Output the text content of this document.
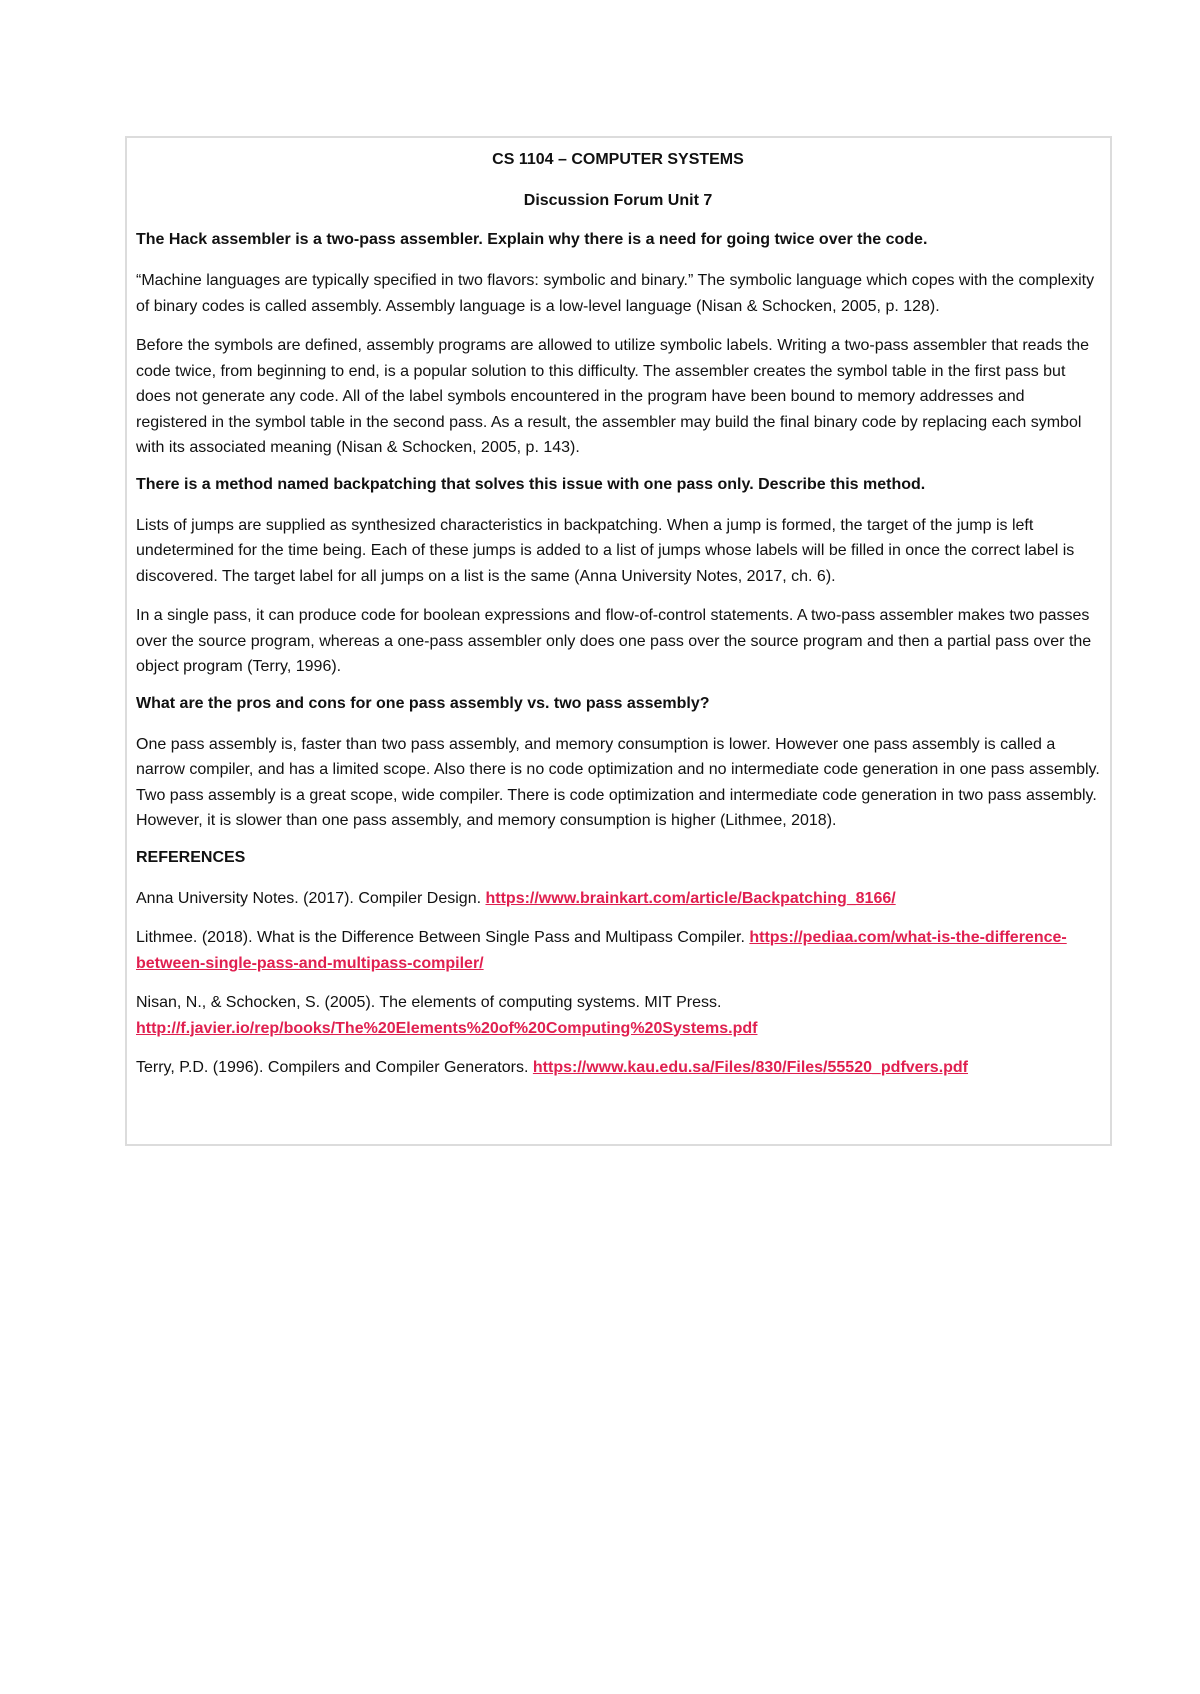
CS 1104 – COMPUTER SYSTEMS
Discussion Forum Unit 7
The Hack assembler is a two-pass assembler. Explain why there is a need for going twice over the code.
“Machine languages are typically specified in two flavors: symbolic and binary.” The symbolic language which copes with the complexity of binary codes is called assembly. Assembly language is a low-level language (Nisan & Schocken, 2005, p. 128).
Before the symbols are defined, assembly programs are allowed to utilize symbolic labels. Writing a two-pass assembler that reads the code twice, from beginning to end, is a popular solution to this difficulty. The assembler creates the symbol table in the first pass but does not generate any code. All of the label symbols encountered in the program have been bound to memory addresses and registered in the symbol table in the second pass. As a result, the assembler may build the final binary code by replacing each symbol with its associated meaning (Nisan & Schocken, 2005, p. 143).
There is a method named backpatching that solves this issue with one pass only. Describe this method.
Lists of jumps are supplied as synthesized characteristics in backpatching. When a jump is formed, the target of the jump is left undetermined for the time being. Each of these jumps is added to a list of jumps whose labels will be filled in once the correct label is discovered. The target label for all jumps on a list is the same (Anna University Notes, 2017, ch. 6).
In a single pass, it can produce code for boolean expressions and flow-of-control statements. A two-pass assembler makes two passes over the source program, whereas a one-pass assembler only does one pass over the source program and then a partial pass over the object program (Terry, 1996).
What are the pros and cons for one pass assembly vs. two pass assembly?
One pass assembly is, faster than two pass assembly, and memory consumption is lower. However one pass assembly is called a narrow compiler, and has a limited scope. Also there is no code optimization and no intermediate code generation in one pass assembly. Two pass assembly is a great scope, wide compiler. There is code optimization and intermediate code generation in two pass assembly. However, it is slower than one pass assembly, and memory consumption is higher (Lithmee, 2018).
REFERENCES
Anna University Notes. (2017). Compiler Design. https://www.brainkart.com/article/Backpatching_8166/
Lithmee. (2018). What is the Difference Between Single Pass and Multipass Compiler. https://pediaa.com/what-is-the-difference-between-single-pass-and-multipass-compiler/
Nisan, N., & Schocken, S. (2005). The elements of computing systems. MIT Press. http://f.javier.io/rep/books/The%20Elements%20of%20Computing%20Systems.pdf
Terry, P.D. (1996). Compilers and Compiler Generators. https://www.kau.edu.sa/Files/830/Files/55520_pdfvers.pdf
